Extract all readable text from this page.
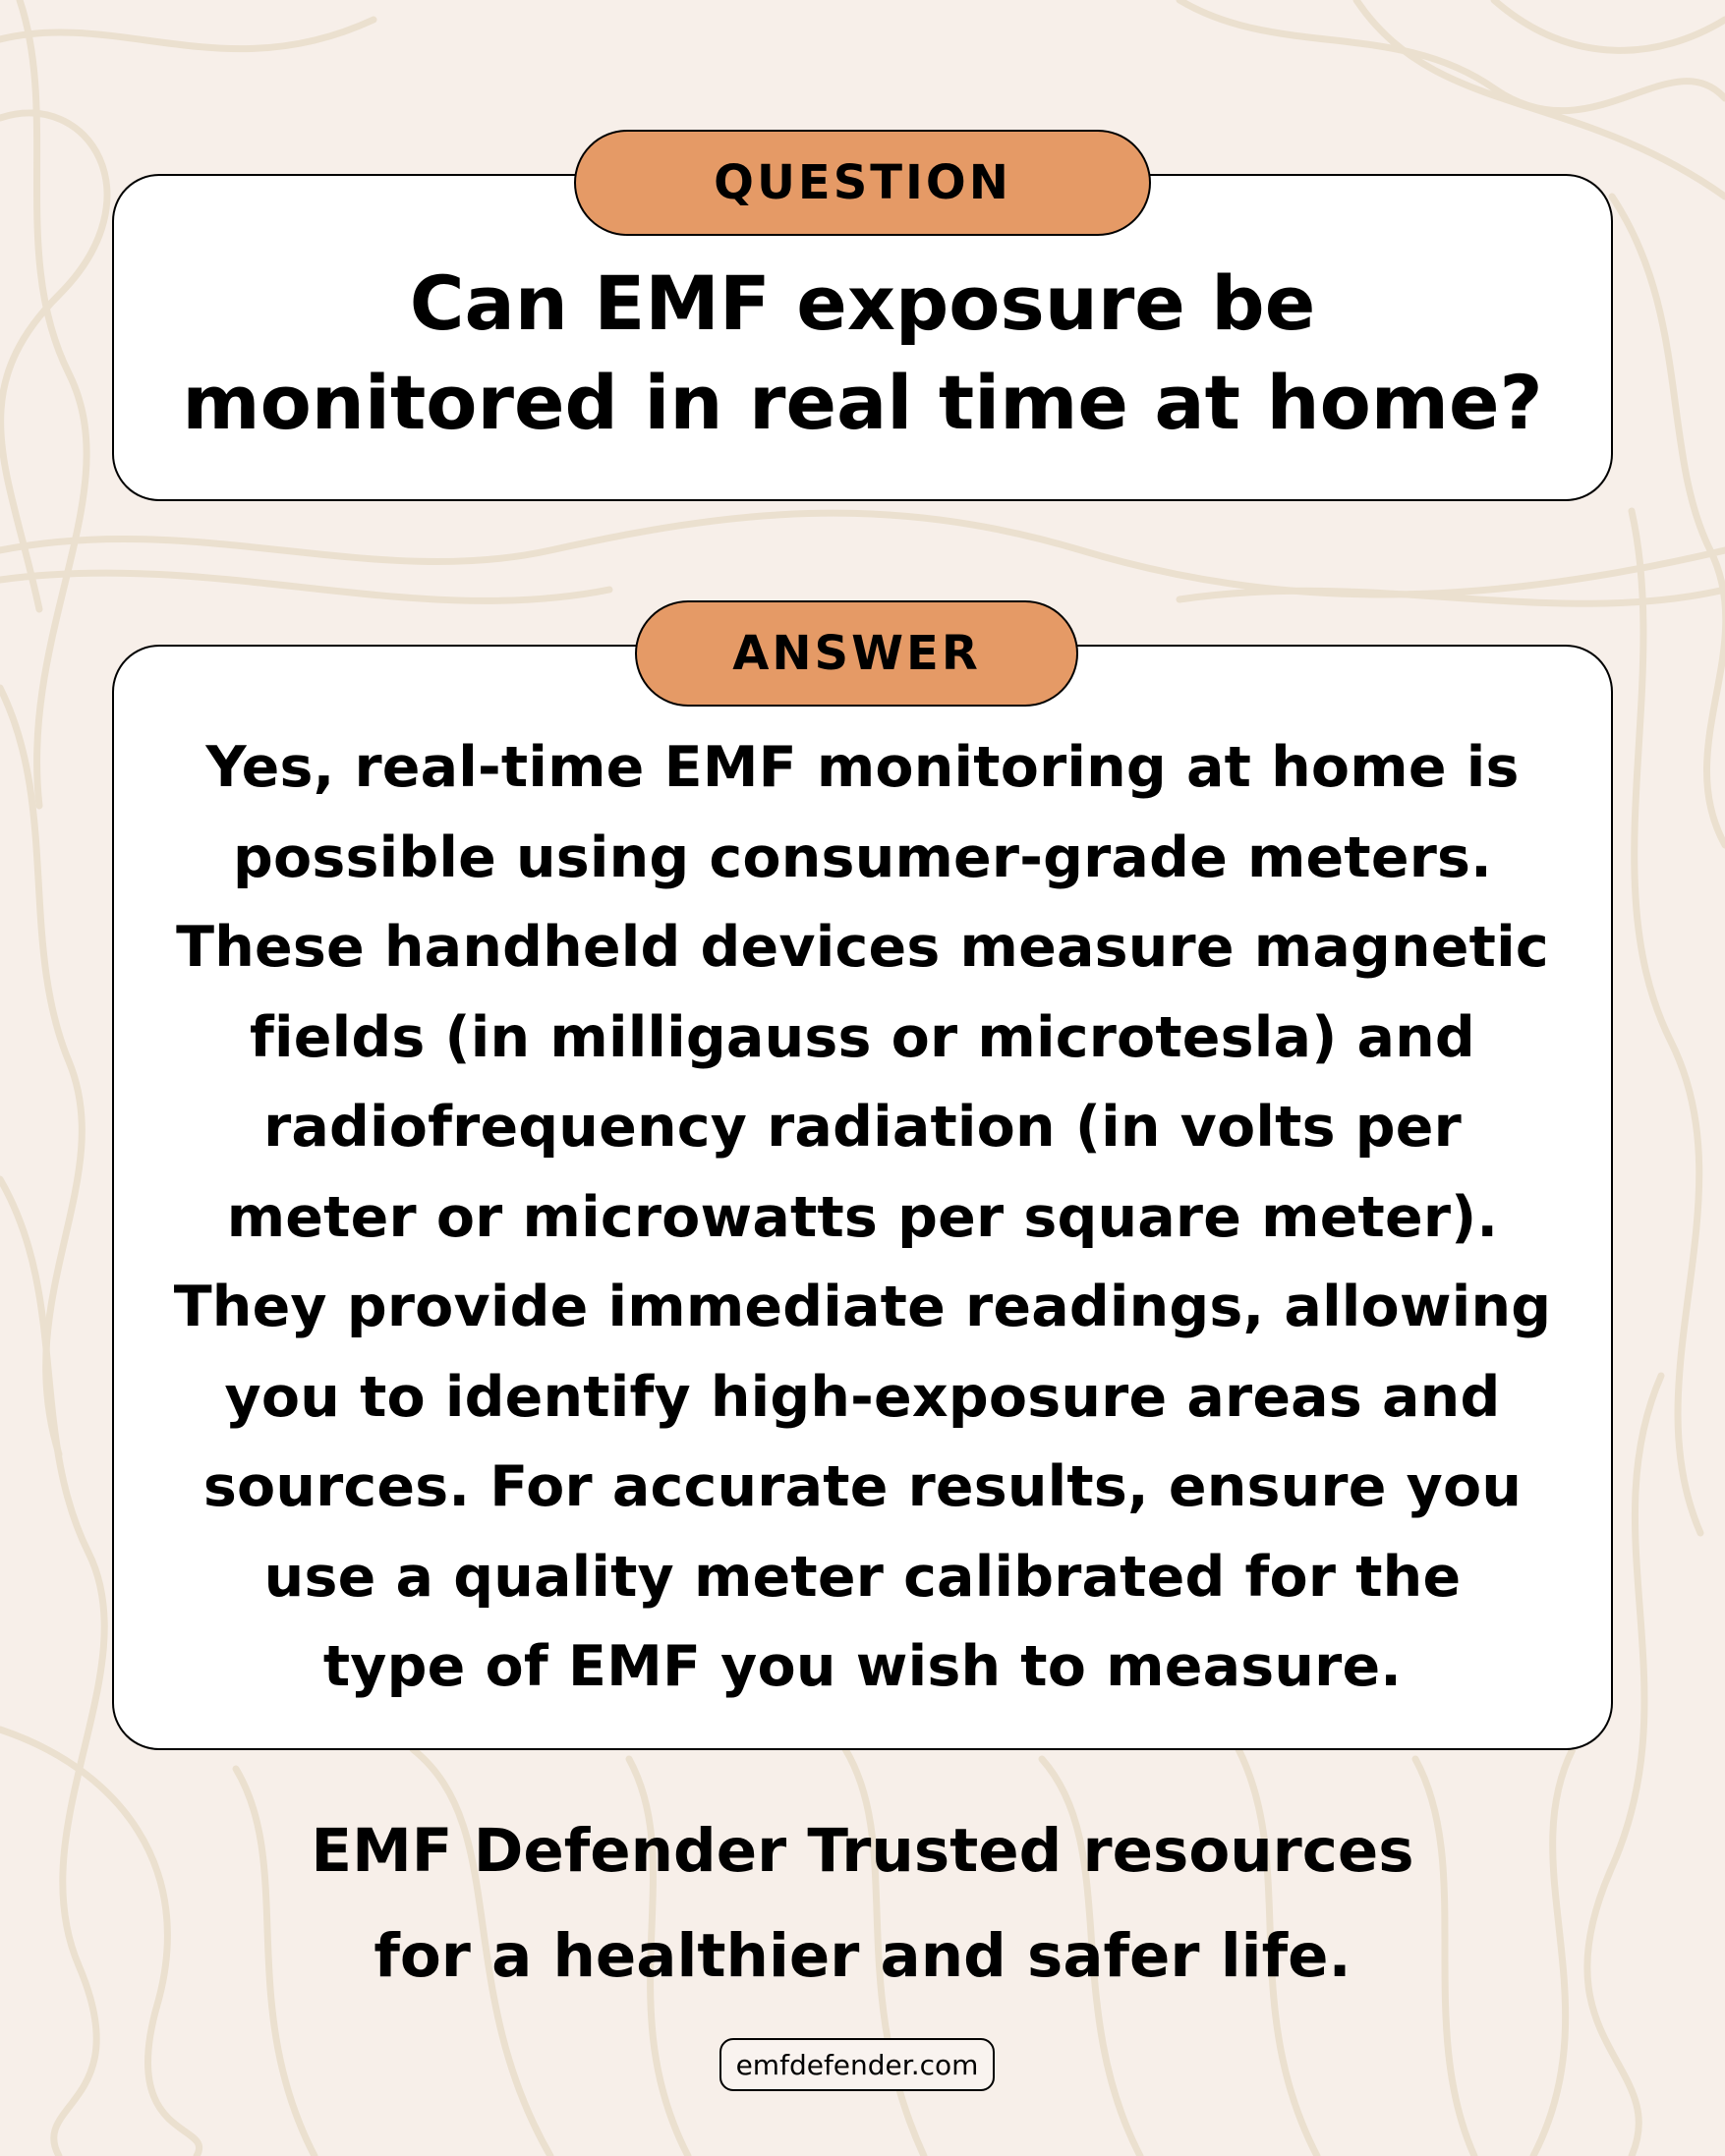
QUESTION
Can EMF exposure be
monitored in real time at home?
Yes, real-time EMF monitoring at home is
possible using consumer-grade meters.
These handheld devices measure magnetic
fields (in milligauss or microtesla) and
radiofrequency radiation (in volts per
meter or microwatts per square meter).
They provide immediate readings, allowing
you to identify high-exposure areas and
sources. For accurate results, ensure you
use a quality meter calibrated for the
type of EMF you wish to measure.
ANSWER
EMF Defender Trusted resources
for a healthier and safer life.
emfdefender.com
